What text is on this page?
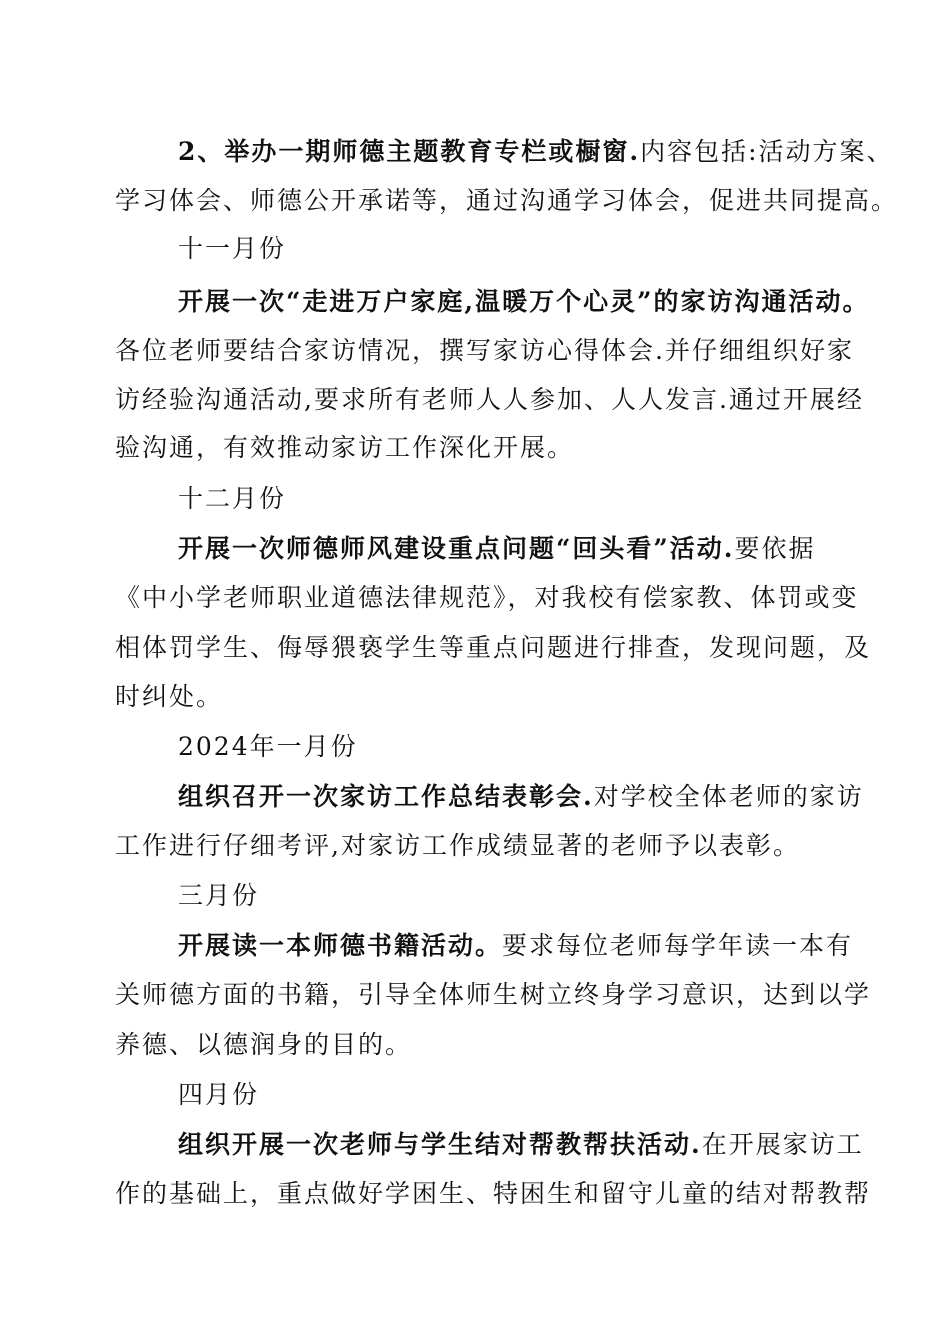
2、举办一期师德主题教育专栏或橱窗.内容包括:活动方案、
学习体会、师德公开承诺等，通过沟通学习体会，促进共同提高。
十一月份
开展一次“走进万户家庭,温暖万个心灵”的家访沟通活动。
各位老师要结合家访情况，撰写家访心得体会.并仔细组织好家
访经验沟通活动,要求所有老师人人参加、人人发言.通过开展经
验沟通，有效推动家访工作深化开展。
十二月份
开展一次师德师风建设重点问题“回头看”活动.要依据
《中小学老师职业道德法律规范》，对我校有偿家教、体罚或变
相体罚学生、侮辱猥亵学生等重点问题进行排查，发现问题，及
时纠处。
2024年一月份
组织召开一次家访工作总结表彰会.对学校全体老师的家访
工作进行仔细考评,对家访工作成绩显著的老师予以表彰。
三月份
开展读一本师德书籍活动。要求每位老师每学年读一本有
关师德方面的书籍，引导全体师生树立终身学习意识，达到以学
养德、以德润身的目的。
四月份
组织开展一次老师与学生结对帮教帮扶活动.在开展家访工
作的基础上，重点做好学困生、特困生和留守儿童的结对帮教帮
